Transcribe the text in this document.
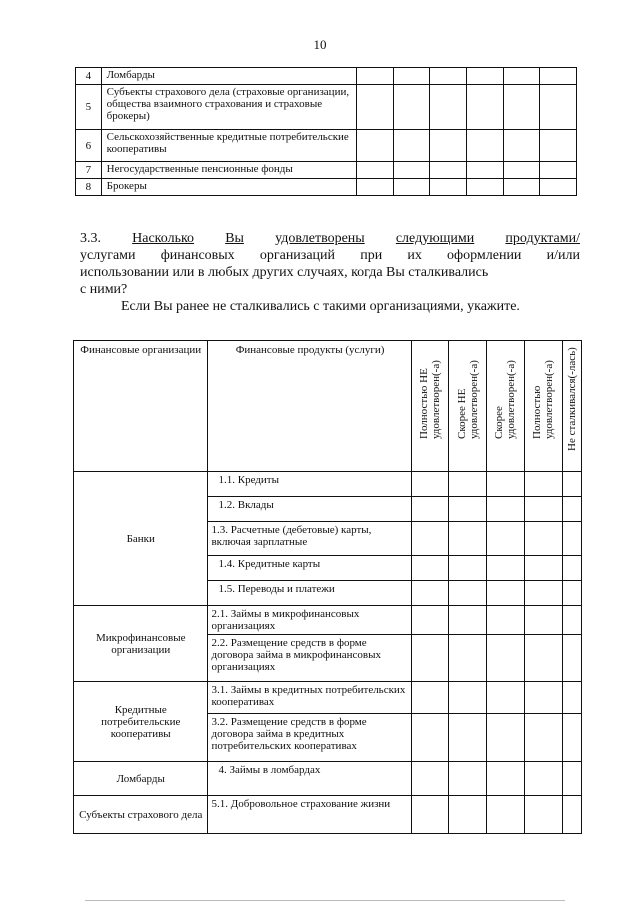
10
4	Ломбарды						
5	Субъекты страхового дела (страховые организации, общества взаимного страхования и страховые брокеры)						
6	Сельскохозяйственные кредитные потребительские кооперативы						
7	Негосударственные пенсионные фонды						
8	Брокеры						
3.3. Насколько Вы удовлетворены следующими продуктами/
услугами финансовых организаций при их оформлении и/или
использовании или в любых других случаях, когда Вы сталкивались
с ними?
Если Вы ранее не сталкивались с такими организациями, укажите.
Финансовые организации	Финансовые продукты (услуги)	Полностью НЕ удовлетворен(-а)	Скорее НЕ удовлетворен(-а)	Скорее удовлетворен(-а)	Полностью удовлетворен(-а)	Не сталкивался(-лась)

Банки	1.1. Кредиты					
	1.2. Вклады					
	1.3. Расчетные (дебетовые) карты, включая зарплатные					
	1.4. Кредитные карты					
	1.5. Переводы и платежи					
Микрофинансовые организации	2.1. Займы в микрофинансовых организациях					
	2.2. Размещение средств в форме договора займа в микрофинансовых организациях					
Кредитные потребительские кооперативы	3.1. Займы в кредитных потребительских кооперативах					
	3.2. Размещение средств в форме договора займа в кредитных потребительских кооперативах					
Ломбарды	4. Займы в ломбардах					
Субъекты страхового дела	5.1. Добровольное страхование жизни					
